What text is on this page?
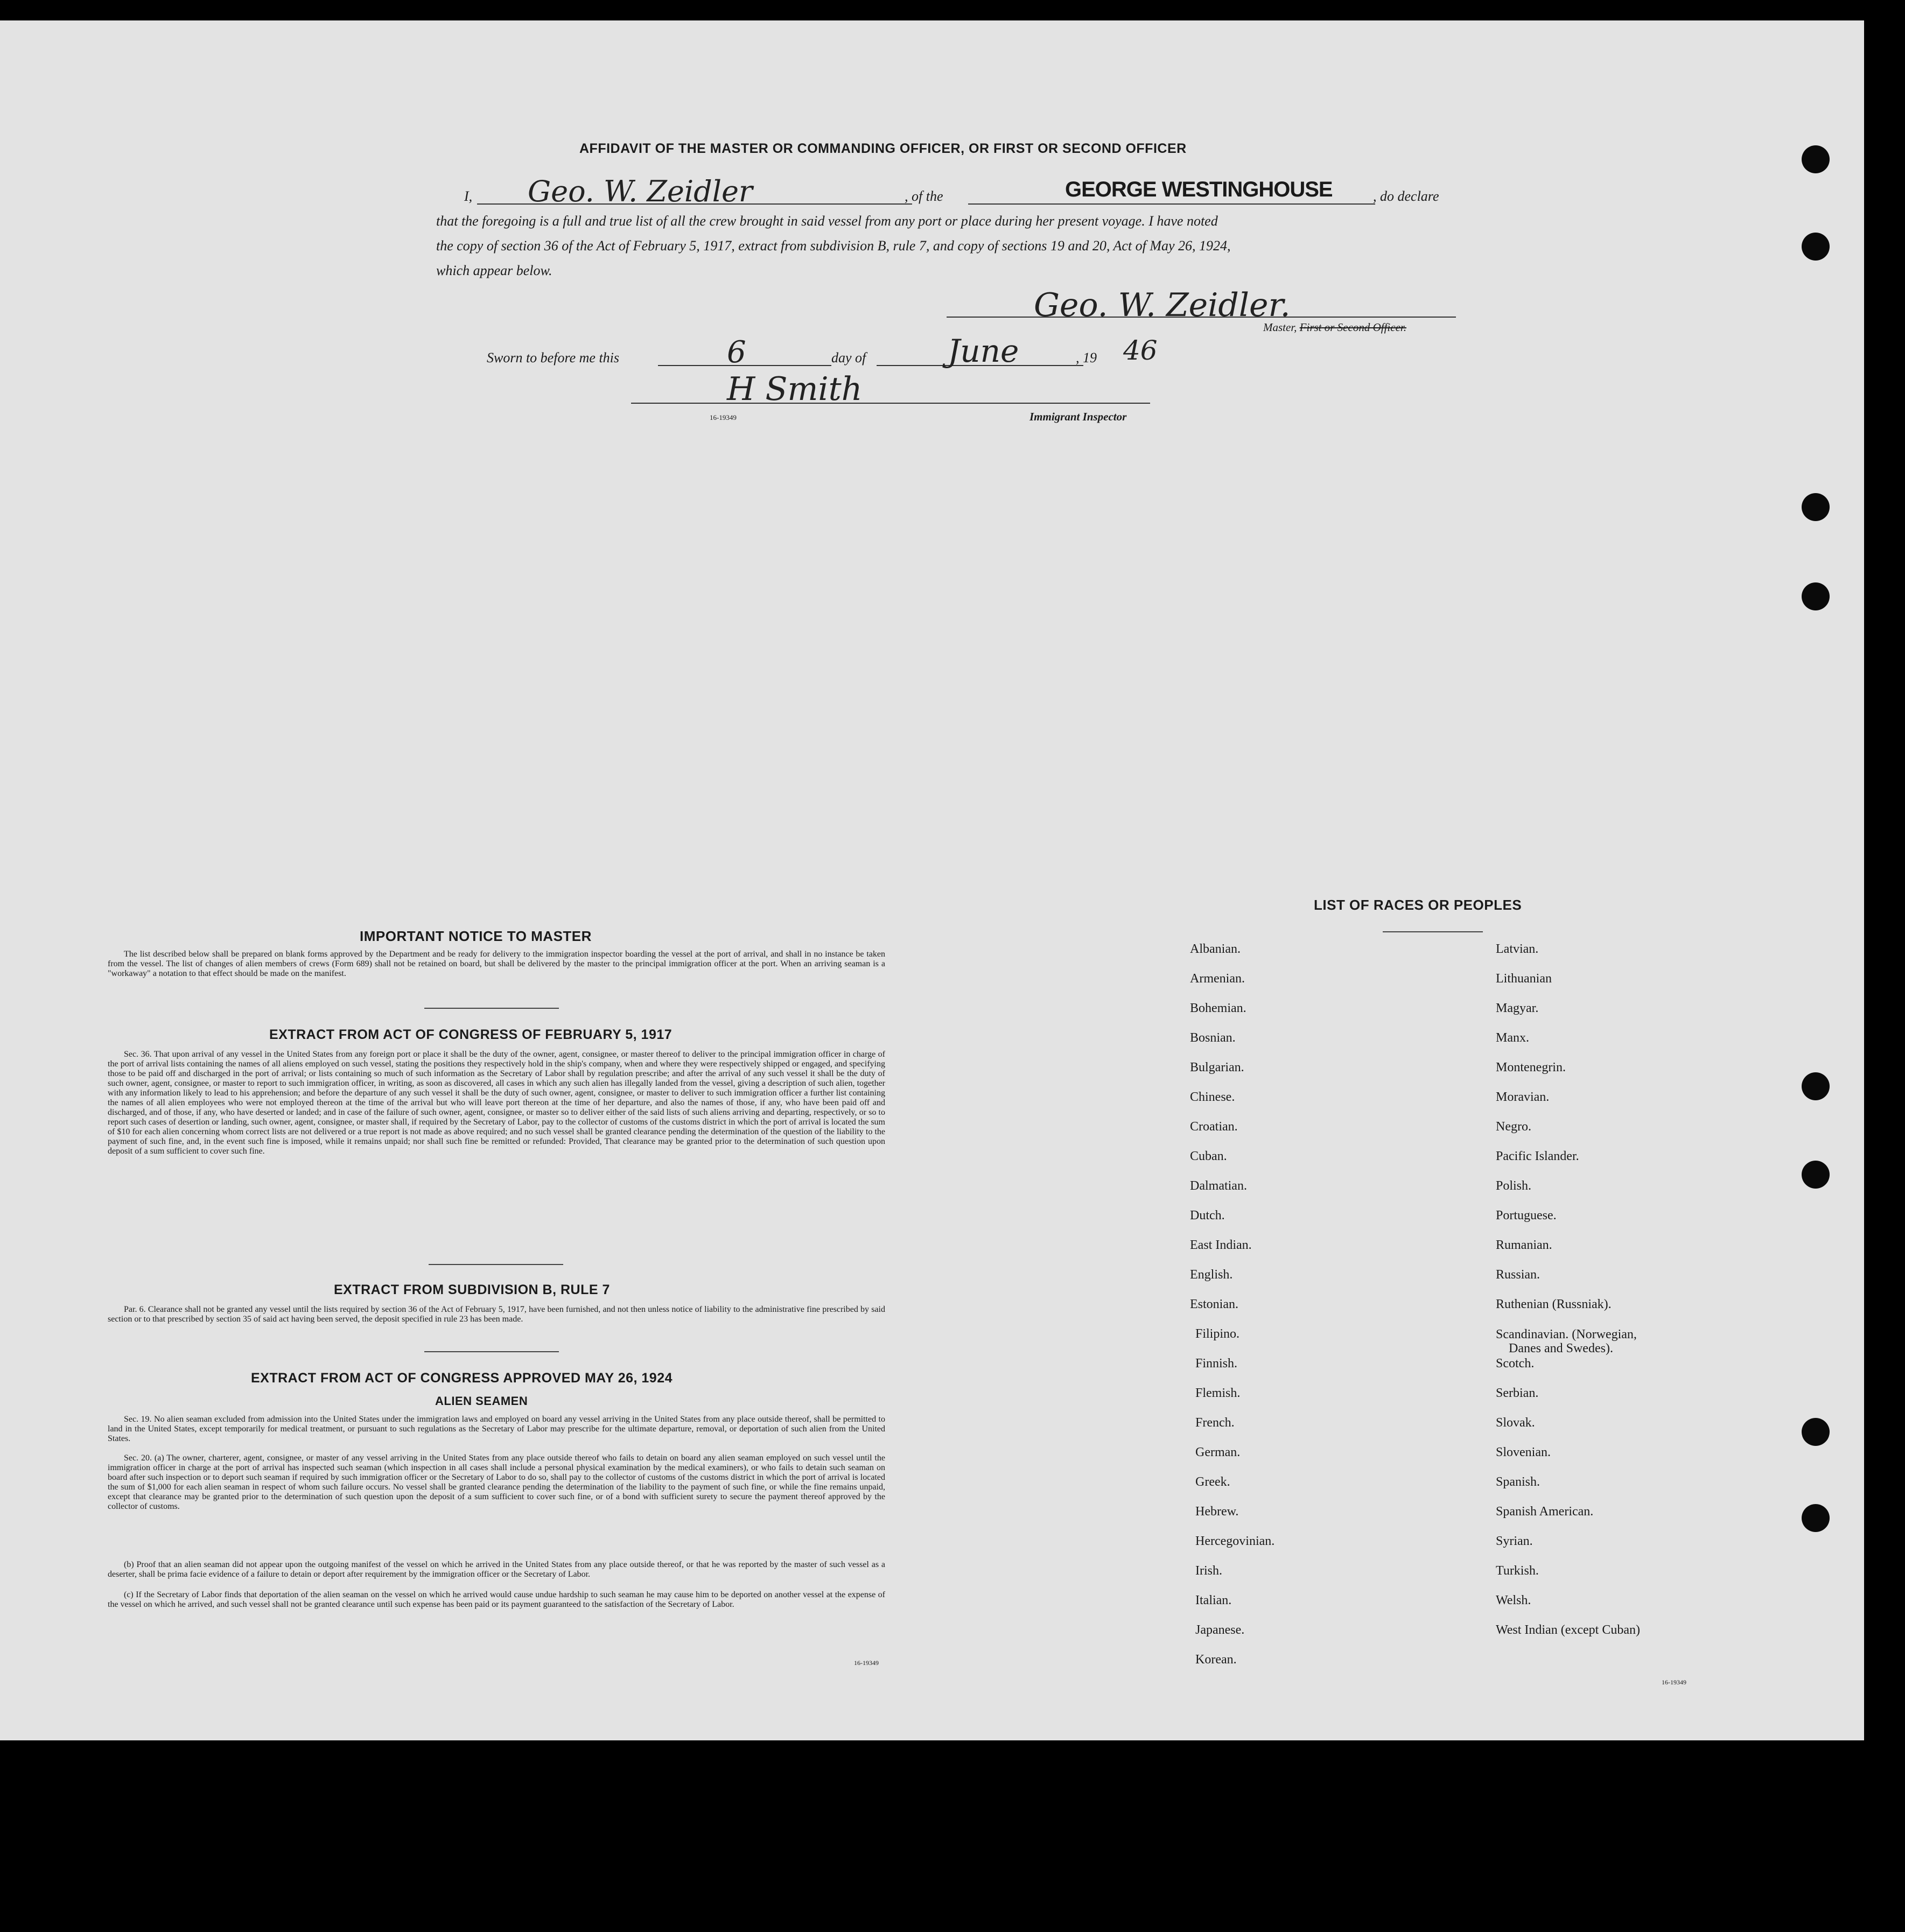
AFFIDAVIT OF THE MASTER OR COMMANDING OFFICER, OR FIRST OR SECOND OFFICER
I, Geo. W. Zeidler	, of the	GEORGE WESTINGHOUSE	, do declare
that the foregoing is a full and true list of all the crew brought in said vessel from any port or place during her present voyage. I have noted
the copy of section 36 of the Act of February 5, 1917, extract from subdivision B, rule 7, and copy of sections 19 and 20, Act of May 26, 1924,
which appear below.
Geo. W. Zeidler.
Master, First or Second Officer.
Sworn to before me this	6	day of	June	, 19 46
H Smith
16-19349	Immigrant Inspector
IMPORTANT NOTICE TO MASTER
The list described below shall be prepared on blank forms approved by the Department and be ready for delivery to the immigration inspector boarding the vessel at the port of arrival, and shall in no instance be taken from the vessel. The list of changes of alien members of crews (Form 689) shall not be retained on board, but shall be delivered by the master to the principal immigration officer at the port. When an arriving seaman is a "workaway" a notation to that effect should be made on the manifest.
EXTRACT FROM ACT OF CONGRESS OF FEBRUARY 5, 1917
Sec. 36. That upon arrival of any vessel in the United States from any foreign port or place it shall be the duty of the owner, agent, consignee, or master thereof to deliver to the principal immigration officer in charge of the port of arrival lists containing the names of all aliens employed on such vessel, stating the positions they respectively hold in the ship's company, when and where they were respectively shipped or engaged, and specifying those to be paid off and discharged in the port of arrival; or lists containing so much of such information as the Secretary of Labor shall by regulation prescribe; and after the arrival of any such vessel it shall be the duty of such owner, agent, consignee, or master to report to such immigration officer, in writing, as soon as discovered, all cases in which any such alien has illegally landed from the vessel, giving a description of such alien, together with any information likely to lead to his apprehension; and before the departure of any such vessel it shall be the duty of such owner, agent, consignee, or master to deliver to such immigration officer a further list containing the names of all alien employees who were not employed thereon at the time of the arrival but who will leave port thereon at the time of her departure, and also the names of those, if any, who have been paid off and discharged, and of those, if any, who have deserted or landed; and in case of the failure of such owner, agent, consignee, or master so to deliver either of the said lists of such aliens arriving and departing, respectively, or so to report such cases of desertion or landing, such owner, agent, consignee, or master shall, if required by the Secretary of Labor, pay to the collector of customs of the customs district in which the port of arrival is located the sum of $10 for each alien concerning whom correct lists are not delivered or a true report is not made as above required; and no such vessel shall be granted clearance pending the determination of the question of the liability to the payment of such fine, and, in the event such fine is imposed, while it remains unpaid; nor shall such fine be remitted or refunded: Provided, That clearance may be granted prior to the determination of such question upon deposit of a sum sufficient to cover such fine.
EXTRACT FROM SUBDIVISION B, RULE 7
Par. 6. Clearance shall not be granted any vessel until the lists required by section 36 of the Act of February 5, 1917, have been furnished, and not then unless notice of liability to the administrative fine prescribed by said section or to that prescribed by section 35 of said act having been served, the deposit specified in rule 23 has been made.
EXTRACT FROM ACT OF CONGRESS APPROVED MAY 26, 1924
ALIEN SEAMEN
Sec. 19. No alien seaman excluded from admission into the United States under the immigration laws and employed on board any vessel arriving in the United States from any place outside thereof, shall be permitted to land in the United States, except temporarily for medical treatment, or pursuant to such regulations as the Secretary of Labor may prescribe for the ultimate departure, removal, or deportation of such alien from the United States.
Sec. 20. (a) The owner, charterer, agent, consignee, or master of any vessel arriving in the United States from any place outside thereof who fails to detain on board any alien seaman employed on such vessel until the immigration officer in charge at the port of arrival has inspected such seaman (which inspection in all cases shall include a personal physical examination by the medical examiners), or who fails to detain such seaman on board after such inspection or to deport such seaman if required by such immigration officer or the Secretary of Labor to do so, shall pay to the collector of customs of the customs district in which the port of arrival is located the sum of $1,000 for each alien seaman in respect of whom such failure occurs. No vessel shall be granted clearance pending the determination of the liability to the payment of such fine, or while the fine remains unpaid, except that clearance may be granted prior to the determination of such question upon the deposit of a sum sufficient to cover such fine, or of a bond with sufficient surety to secure the payment thereof approved by the collector of customs.
(b) Proof that an alien seaman did not appear upon the outgoing manifest of the vessel on which he arrived in the United States from any place outside thereof, or that he was reported by the master of such vessel as a deserter, shall be prima facie evidence of a failure to detain or deport after requirement by the immigration officer or the Secretary of Labor.
(c) If the Secretary of Labor finds that deportation of the alien seaman on the vessel on which he arrived would cause undue hardship to such seaman he may cause him to be deported on another vessel at the expense of the vessel on which he arrived, and such vessel shall not be granted clearance until such expense has been paid or its payment guaranteed to the satisfaction of the Secretary of Labor.
16-19349
LIST OF RACES OR PEOPLES
Albanian.
Armenian.
Bohemian.
Bosnian.
Bulgarian.
Chinese.
Croatian.
Cuban.
Dalmatian.
Dutch.
East Indian.
English.
Estonian.
Filipino.
Finnish.
Flemish.
French.
German.
Greek.
Hebrew.
Hercegovinian.
Irish.
Italian.
Japanese.
Korean.
Latvian.
Lithuanian
Magyar.
Manx.
Montenegrin.
Moravian.
Negro.
Pacific Islander.
Polish.
Portuguese.
Rumanian.
Russian.
Ruthenian (Russniak).
Scandinavian. (Norwegian,
Danes and Swedes).
Scotch.
Serbian.
Slovak.
Slovenian.
Spanish.
Spanish American.
Syrian.
Turkish.
Welsh.
West Indian (except Cuban)
16-19349
